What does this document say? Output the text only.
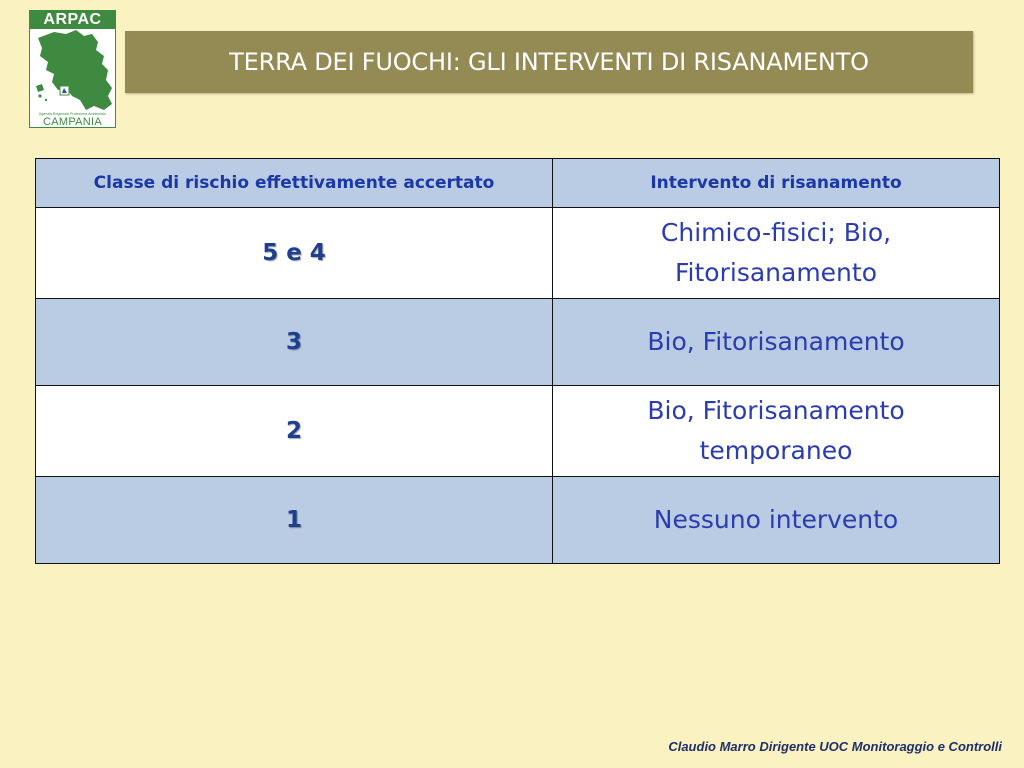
ARPAC
Agenzia Regionale Protezione Ambientale
CAMPANIA
TERRA DEI FUOCHI: GLI INTERVENTI DI RISANAMENTO
Classe di rischio effettivamente accertato	Intervento di risanamento
5 e 4	Chimico-fisici; Bio, Fitorisanamento

3	Bio, Fitorisanamento

2	Bio, Fitorisanamento temporaneo

1	Nessuno intervento
Claudio Marro Dirigente UOC Monitoraggio e Controlli
